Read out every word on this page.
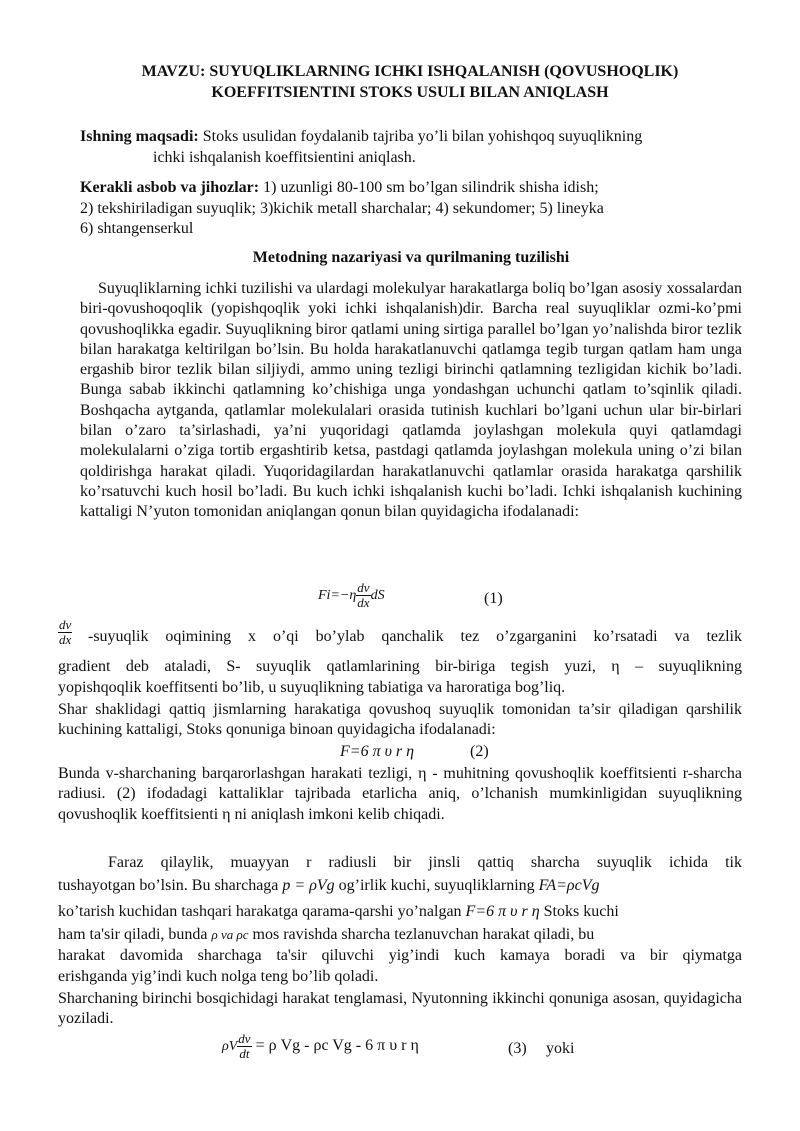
MAVZU: SUYUQLIKLARNING ICHKI ISHQALANISH (QOVUSHOQLIK)
KOEFFITSIENTINI STOKS USULI BILAN ANIQLASH
Ishning maqsadi: Stoks usulidan foydalanib tajriba yo’li bilan yohishqoq suyuqlikning
ichki ishqalanish koeffitsientini aniqlash.
Kerakli asbob va jihozlar: 1) uzunligi 80-100 sm bo’lgan silindrik shisha idish;
2) tekshiriladigan suyuqlik; 3)kichik metall sharchalar; 4) sekundomer; 5) lineyka
6) shtangenserkul
Metodning nazariyasi va qurilmaning tuzilishi
Suyuqliklarning ichki tuzilishi va ulardagi molekulyar harakatlarga boliq bo’lgan asosiy xossalardan biri-qovushoqoqlik (yopishqoqlik yoki ichki ishqalanish)dir. Barcha real suyuqliklar ozmi-ko’pmi qovushoqlikka egadir. Suyuqlikning biror qatlami uning sirtiga parallel bo’lgan yo’nalishda biror tezlik bilan harakatga keltirilgan bo’lsin. Bu holda harakatlanuvchi qatlamga tegib turgan qatlam ham unga ergashib biror tezlik bilan siljiydi, ammo uning tezligi birinchi qatlamning tezligidan kichik bo’ladi. Bunga sabab ikkinchi qatlamning ko’chishiga unga yondashgan uchunchi qatlam to’sqinlik qiladi. Boshqacha aytganda, qatlamlar molekulalari orasida tutinish kuchlari bo’lgani uchun ular bir-birlari bilan o’zaro ta’sirlashadi, ya’ni yuqoridagi qatlamda joylashgan molekula quyi qatlamdagi molekulalarni o’ziga tortib ergashtirib ketsa, pastdagi qatlamda joylashgan molekula uning o’zi bilan qoldirishga harakat qiladi. Yuqoridagilardan harakatlanuvchi qatlamlar orasida harakatga qarshilik ko’rsatuvchi kuch hosil bo’ladi. Bu kuch ichki ishqalanish kuchi bo’ladi. Ichki ishqalanish kuchining kattaligi N’yuton tomonidan aniqlangan qonun bilan quyidagicha ifodalanadi:
$Fi=-\eta \frac{dv}{dx}$ dS	(1)
$\frac{dv}{dx}$ -suyuqlik oqimining x o’qi bo’ylab qanchalik tez o’zgarganini ko’rsatadi va tezlik
gradient deb ataladi, S- suyuqlik qatlamlarining bir-biriga tegish yuzi, η – suyuqlikning
yopishqoqlik koeffitsenti bo’lib, u suyuqlikning tabiatiga va haroratiga bog’liq.
Shar shaklidagi qattiq jismlarning harakatiga qovushoq suyuqlik tomonidan ta’sir qiladigan qarshilik kuchining kattaligi, Stoks qonuniga binoan quyidagicha ifodalanadi:
F=6 π υ r η	(2)
Bunda v-sharchaning barqarorlashgan harakati tezligi, η - muhitning qovushoqlik koeffitsienti r-sharcha radiusi. (2) ifodadagi kattaliklar tajribada etarlicha aniq, o’lchanish mumkinligidan suyuqlikning qovushoqlik koeffitsienti η ni aniqlash imkoni kelib chiqadi.
Faraz qilaylik, muayyan r radiusli bir jinsli qattiq sharcha suyuqlik ichida tik
tushayotgan bo’lsin. Bu sharchaga p = ρVg og’irlik kuchi, suyuqliklarning FA=ρcVg
ko’tarish kuchidan tashqari harakatga qarama-qarshi yo’nalgan F=6 π υ r η Stoks kuchi
ham ta'sir qiladi, bunda ρ va ρc mos ravishda sharcha tezlanuvchan harakat qiladi, bu
harakat davomida sharchaga ta'sir qiluvchi yig’indi kuch kamaya boradi va bir qiymatga
erishganda yig’indi kuch nolga teng bo’lib qoladi.
Sharchaning birinchi bosqichidagi harakat tenglamasi, Nyutonning ikkinchi qonuniga asosan, quyidagicha yoziladi.
ρV $\frac{dv}{dt} = \rho$ Vg - ρc Vg - 6 π υ r η	(3) yoki
